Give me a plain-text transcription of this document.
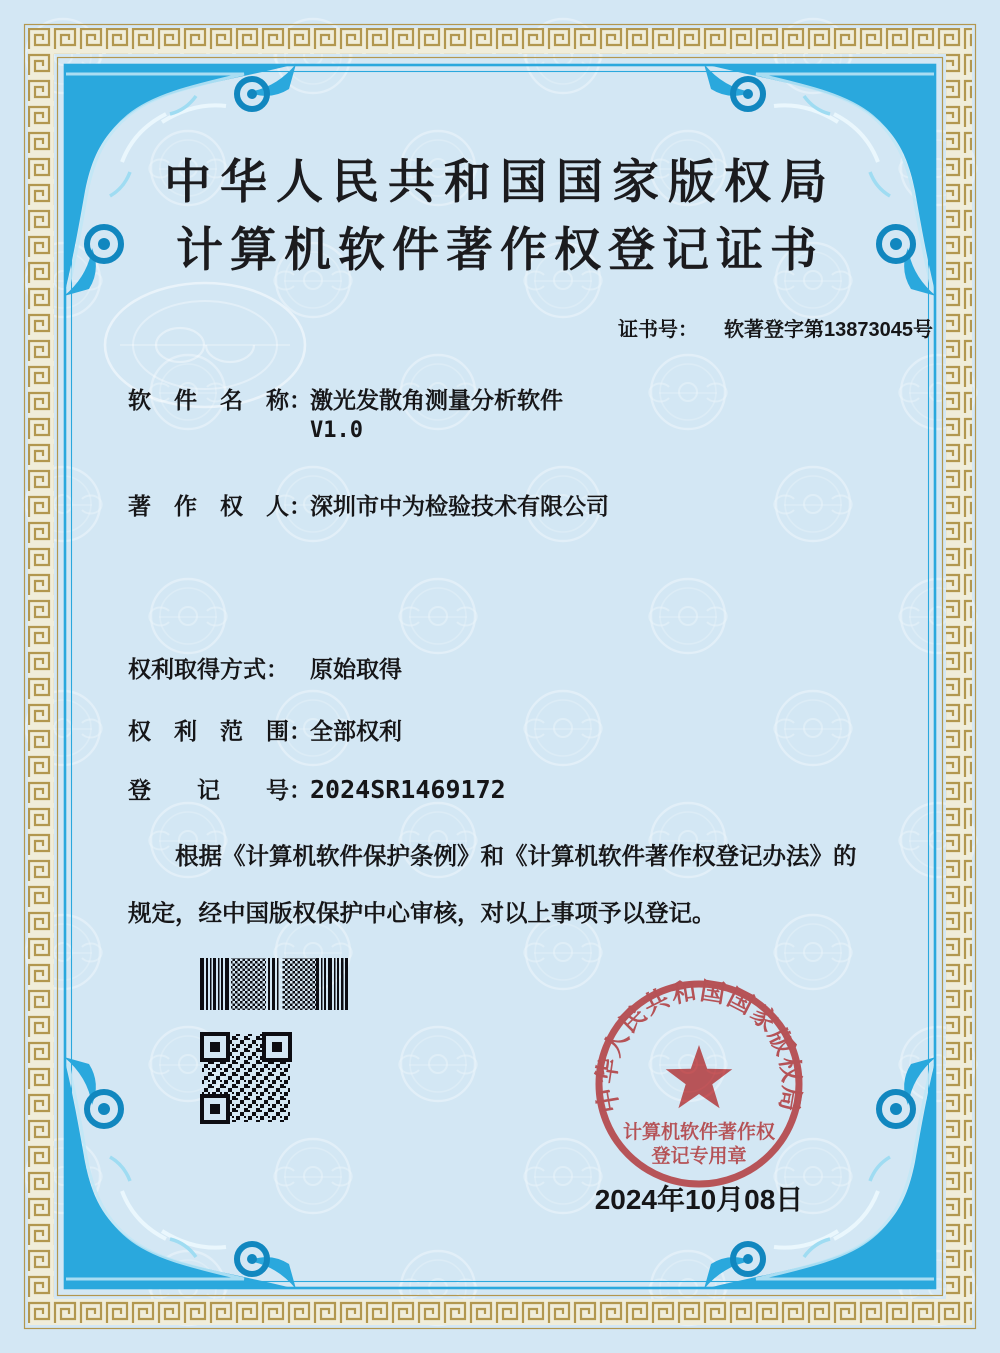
中华人民共和国国家版权局
计算机软件著作权登记证书
证书号： 软著登字第13873045号
软　件　名　称：激光发散角测量分析软件
V1.0
著　作　权　人：深圳市中为检验技术有限公司
权利取得方式： 原始取得
权　利　范　围：全部权利
登　　记　　号：2024SR1469172
根据《计算机软件保护条例》和《计算机软件著作权登记办法》的
规定，经中国版权保护中心审核，对以上事项予以登记。
中华人民共和国国家版权局
计算机软件著作权
登记专用章
2024年10月08日
